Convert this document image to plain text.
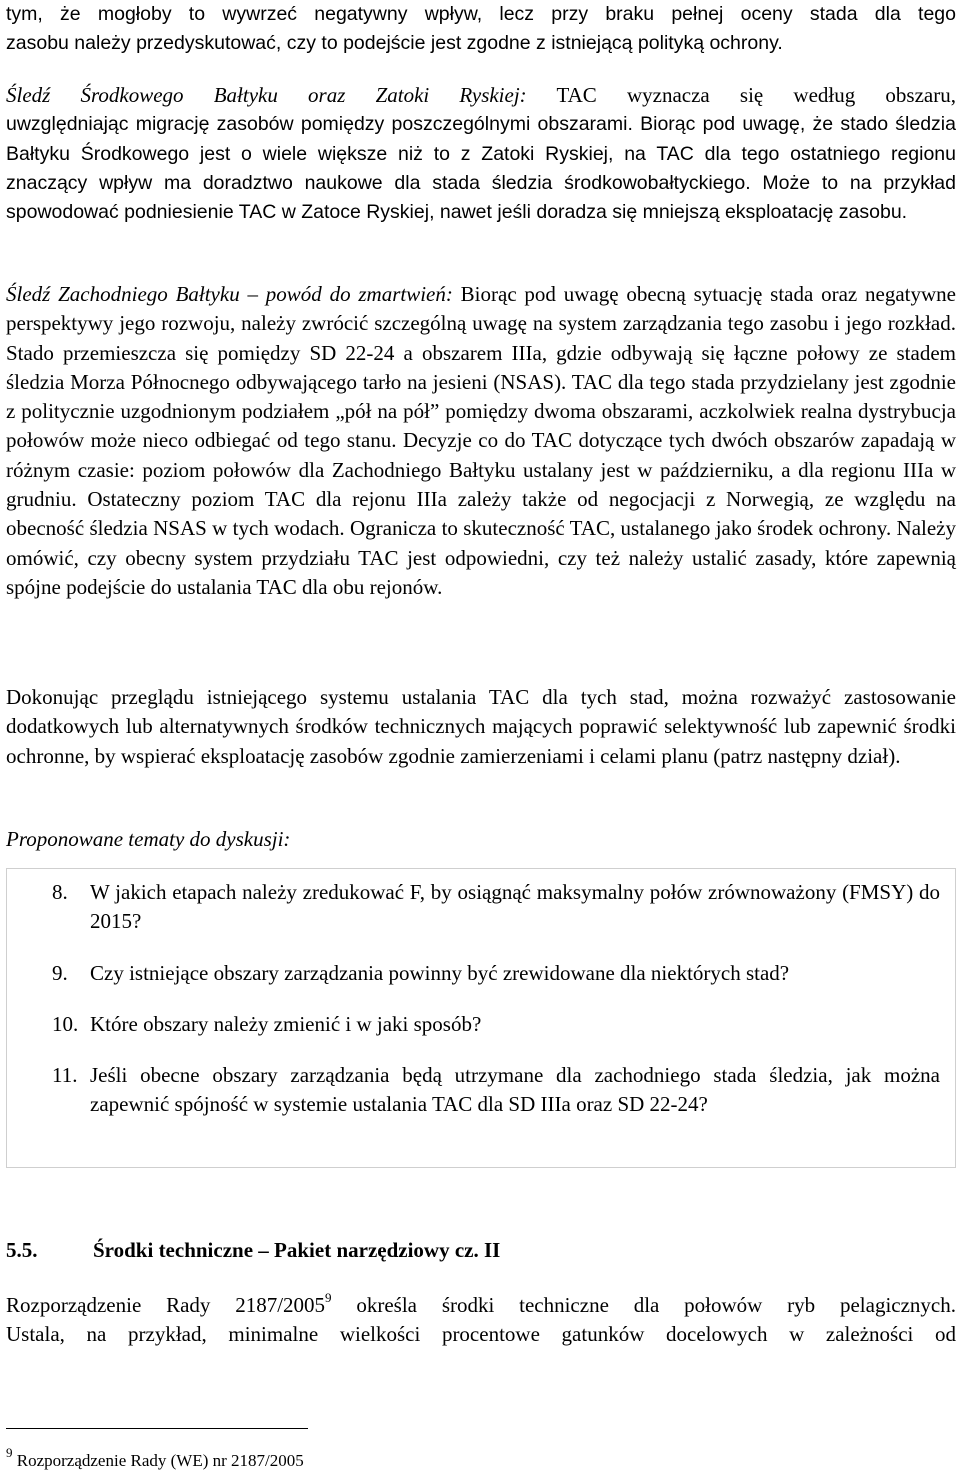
tym, że mogłoby to wywrzeć negatywny wpływ, lecz przy braku pełnej oceny stada dla tego

zasobu należy przedyskutować, czy to podejście jest zgodne z istniejącą polityką ochrony.

Śledź Środkowego Bałtyku oraz Zatoki Ryskiej: TAC wyznacza się według obszaru,

uwzględniając migrację zasobów pomiędzy poszczególnymi obszarami. Biorąc pod uwagę, że stado śledzia Bałtyku Środkowego jest o wiele większe niż to z Zatoki Ryskiej, na TAC dla tego ostatniego regionu znaczący wpływ ma doradztwo naukowe dla stada śledzia środkowobałtyckiego. Może to na przykład spowodować podniesienie TAC w Zatoce Ryskiej, nawet jeśli doradza się mniejszą eksploatację zasobu.

Śledź Zachodniego Bałtyku – powód do zmartwień: Biorąc pod uwagę obecną sytuację stada oraz negatywne perspektywy jego rozwoju, należy zwrócić szczególną uwagę na system zarządzania tego zasobu i jego rozkład. Stado przemieszcza się pomiędzy SD 22-24 a obszarem IIIa, gdzie odbywają się łączne połowy ze stadem śledzia Morza Północnego odbywającego tarło na jesieni (NSAS). TAC dla tego stada przydzielany jest zgodnie z politycznie uzgodnionym podziałem „pół na pół” pomiędzy dwoma obszarami, aczkolwiek realna dystrybucja połowów może nieco odbiegać od tego stanu. Decyzje co do TAC dotyczące tych dwóch obszarów zapadają w różnym czasie: poziom połowów dla Zachodniego Bałtyku ustalany jest w październiku, a dla regionu IIIa w grudniu. Ostateczny poziom TAC dla rejonu IIIa zależy także od negocjacji z Norwegią, ze względu na obecność śledzia NSAS w tych wodach. Ogranicza to skuteczność TAC, ustalanego jako środek ochrony. Należy omówić, czy obecny system przydziału TAC jest odpowiedni, czy też należy ustalić zasady, które zapewnią spójne podejście do ustalania TAC dla obu rejonów.

Dokonując przeglądu istniejącego systemu ustalania TAC dla tych stad, można rozważyć zastosowanie dodatkowych lub alternatywnych środków technicznych mających poprawić selektywność lub zapewnić środki ochronne, by wspierać eksploatację zasobów zgodnie zamierzeniami i celami planu (patrz następny dział).

Proponowane tematy do dyskusji:

8. W jakich etapach należy zredukować F, by osiągnąć maksymalny połów zrównoważony (FMSY) do 2015?
9. Czy istniejące obszary zarządzania powinny być zrewidowane dla niektórych stad?
10. Które obszary należy zmienić i w jaki sposób?
11. Jeśli obecne obszary zarządzania będą utrzymane dla zachodniego stada śledzia, jak można zapewnić spójność w systemie ustalania TAC dla SD IIIa oraz SD 22-24?

5.5.	Środki techniczne – Pakiet narzędziowy cz. II

Rozporządzenie Rady 2187/2005$^9$ określa środki techniczne dla połowów ryb pelagicznych.

Ustala, na przykład, minimalne wielkości procentowe gatunków docelowych w zależności od

$^9$ Rozporządzenie Rady (WE) nr 2187/2005
